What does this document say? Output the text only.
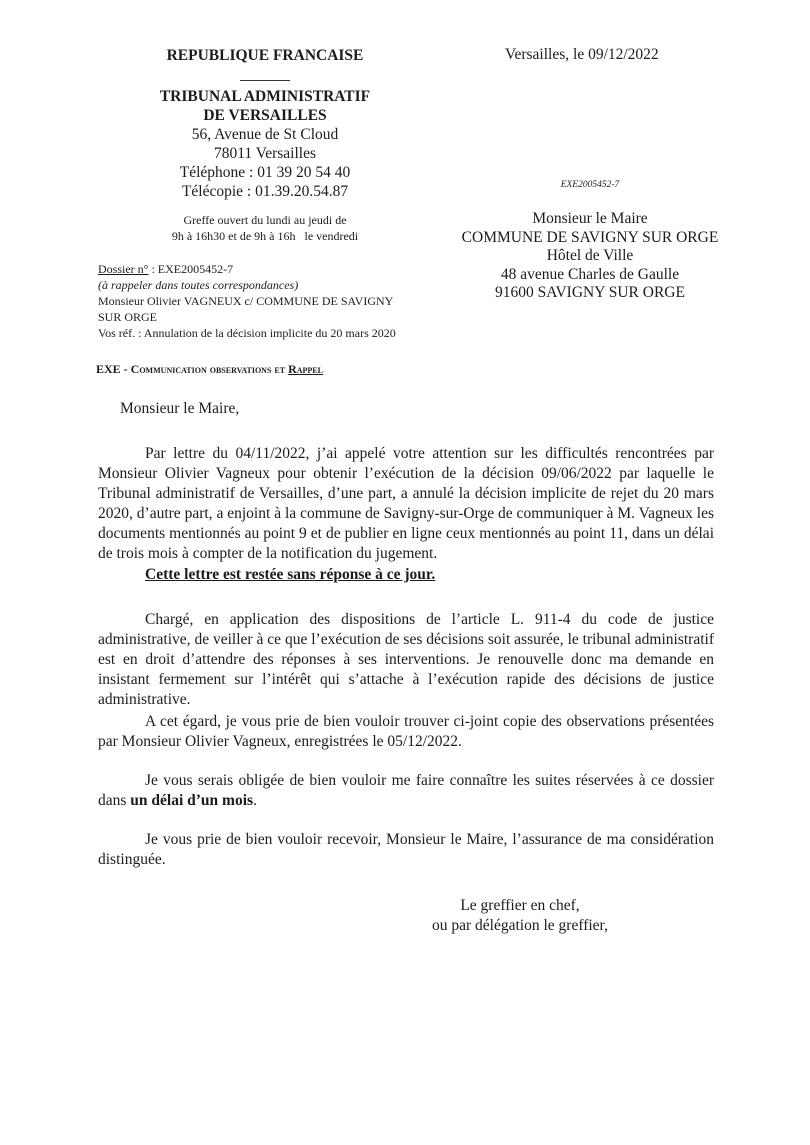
REPUBLIQUE FRANCAISE
TRIBUNAL ADMINISTRATIF
DE VERSAILLES
56, Avenue de St Cloud
78011 Versailles
Téléphone : 01 39 20 54 40
Télécopie : 01.39.20.54.87
Greffe ouvert du lundi au jeudi de
9h à 16h30 et de 9h à 16h   le vendredi
Versailles, le 09/12/2022
EXE2005452-7
Monsieur le Maire
COMMUNE DE SAVIGNY SUR ORGE
Hôtel de Ville
48 avenue Charles de Gaulle
91600 SAVIGNY SUR ORGE
Dossier n° : EXE2005452-7
(à rappeler dans toutes correspondances)
Monsieur Olivier VAGNEUX c/ COMMUNE DE SAVIGNY SUR ORGE
Vos réf. : Annulation de la décision implicite du 20 mars 2020
EXE - Communication observations et Rappel
Monsieur le Maire,
Par lettre du 04/11/2022, j’ai appelé votre attention sur les difficultés rencontrées par Monsieur Olivier Vagneux pour obtenir l’exécution de la décision 09/06/2022 par laquelle le Tribunal administratif de Versailles, d’une part, a annulé la décision implicite de rejet du 20 mars 2020, d’autre part, a enjoint à la commune de Savigny-sur-Orge de communiquer à M. Vagneux les documents mentionnés au point 9 et de publier en ligne ceux mentionnés au point 11, dans un délai de trois mois à compter de la notification du jugement.
Cette lettre est restée sans réponse à ce jour.
Chargé, en application des dispositions de l’article L. 911-4 du code de justice administrative, de veiller à ce que l’exécution de ses décisions soit assurée, le tribunal administratif est en droit d’attendre des réponses à ses interventions. Je renouvelle donc ma demande en insistant fermement sur l’intérêt qui s’attache à l’exécution rapide des décisions de justice administrative.
A cet égard, je vous prie de bien vouloir trouver ci-joint copie des observations présentées par Monsieur Olivier Vagneux, enregistrées le 05/12/2022.
Je vous serais obligée de bien vouloir me faire connaître les suites réservées à ce dossier dans un délai d’un mois.
Je vous prie de bien vouloir recevoir, Monsieur le Maire, l’assurance de ma considération distinguée.
Le greffier en chef,
ou par délégation le greffier,
